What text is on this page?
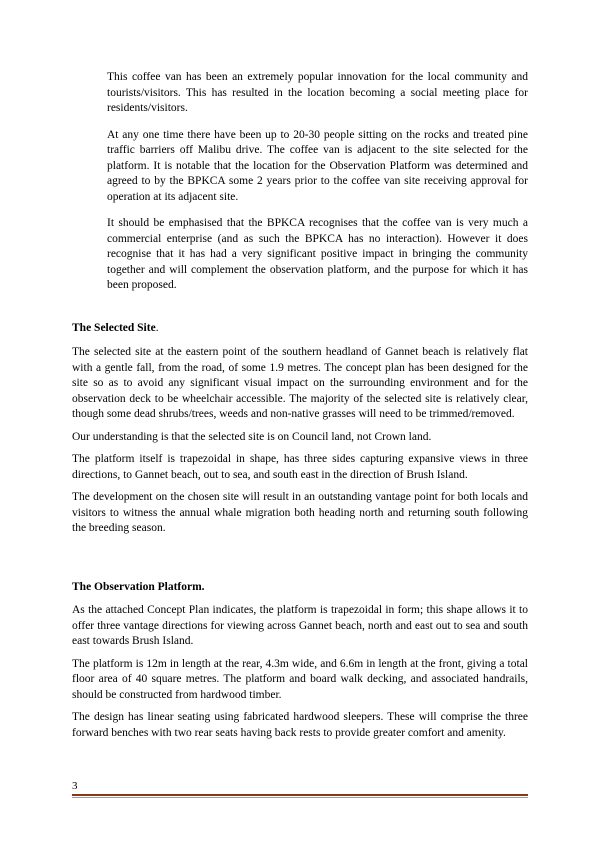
This coffee van has been an extremely popular innovation for the local community and tourists/visitors. This has resulted in the location becoming a social meeting place for residents/visitors.

At any one time there have been up to 20-30 people sitting on the rocks and treated pine traffic barriers off Malibu drive. The coffee van is adjacent to the site selected for the platform. It is notable that the location for the Observation Platform was determined and agreed to by the BPKCA some 2 years prior to the coffee van site receiving approval for operation at its adjacent site.

It should be emphasised that the BPKCA recognises that the coffee van is very much a commercial enterprise (and as such the BPKCA has no interaction). However it does recognise that it has had a very significant positive impact in bringing the community together and will complement the observation platform, and the purpose for which it has been proposed.

The Selected Site.

The selected site at the eastern point of the southern headland of Gannet beach is relatively flat with a gentle fall, from the road, of some 1.9 metres. The concept plan has been designed for the site so as to avoid any significant visual impact on the surrounding environment and for the observation deck to be wheelchair accessible. The majority of the selected site is relatively clear, though some dead shrubs/trees, weeds and non-native grasses will need to be trimmed/removed.

Our understanding is that the selected site is on Council land, not Crown land.

The platform itself is trapezoidal in shape, has three sides capturing expansive views in three directions, to Gannet beach, out to sea, and south east in the direction of Brush Island.

The development on the chosen site will result in an outstanding vantage point for both locals and visitors to witness the annual whale migration both heading north and returning south following the breeding season.

The Observation Platform.

As the attached Concept Plan indicates, the platform is trapezoidal in form; this shape allows it to offer three vantage directions for viewing across Gannet beach, north and east out to sea and south east towards Brush Island.

The platform is 12m in length at the rear, 4.3m wide, and 6.6m in length at the front, giving a total floor area of 40 square metres. The platform and board walk decking, and associated handrails, should be constructed from hardwood timber.

The design has linear seating using fabricated hardwood sleepers. These will comprise the three forward benches with two rear seats having back rests to provide greater comfort and amenity.

3
